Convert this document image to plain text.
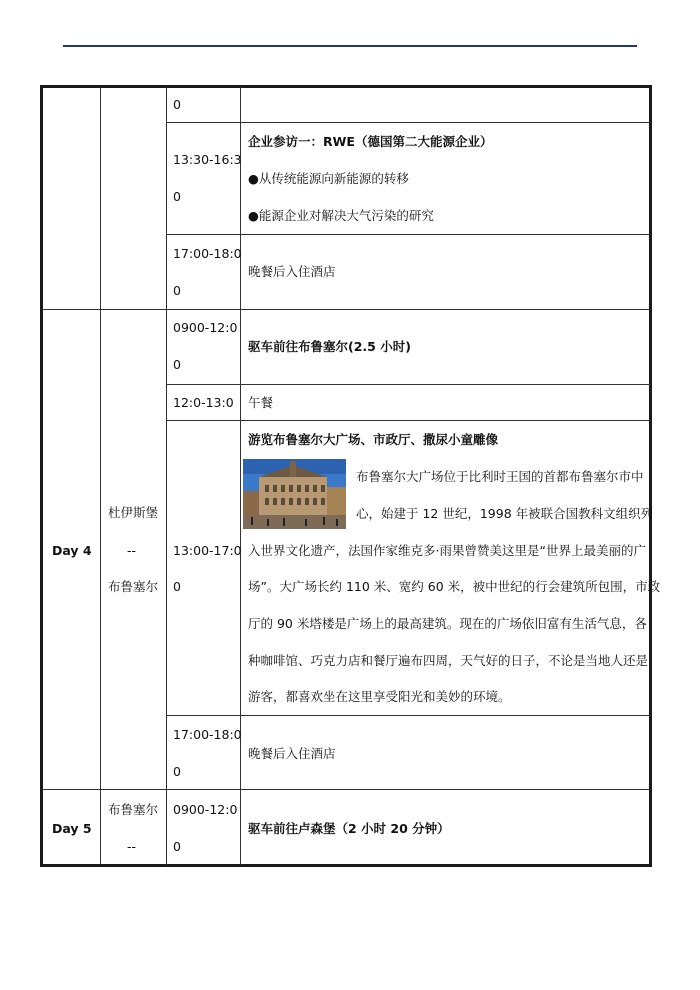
0
13:30-16:3
0
企业参访一：RWE（德国第二大能源企业）
●从传统能源向新能源的转移
●能源企业对解决大气污染的研究
17:00-18:0
0
晚餐后入住酒店
Day 4
杜伊斯堡
--
布鲁塞尔
0900-12:0
0
驱车前往布鲁塞尔(2.5 小时)
12:0-13:0 午餐
13:00-17:0
0
游览布鲁塞尔大广场、市政厅、撒尿小童雕像
布鲁塞尔大广场位于比利时王国的首都布鲁塞尔市中
心，始建于 12 世纪，1998 年被联合国教科文组织列
入世界文化遗产，法国作家维克多·雨果曾赞美这里是“世界上最美丽的广
场”。大广场长约 110 米、宽约 60 米，被中世纪的行会建筑所包围，市政
厅的 90 米塔楼是广场上的最高建筑。现在的广场依旧富有生活气息，各
种咖啡馆、巧克力店和餐厅遍布四周，天气好的日子，不论是当地人还是
游客，都喜欢坐在这里享受阳光和美妙的环境。
17:00-18:0
0
晚餐后入住酒店
Day 5
布鲁塞尔
--
0900-12:0
0
驱车前往卢森堡（2 小时 20 分钟）
